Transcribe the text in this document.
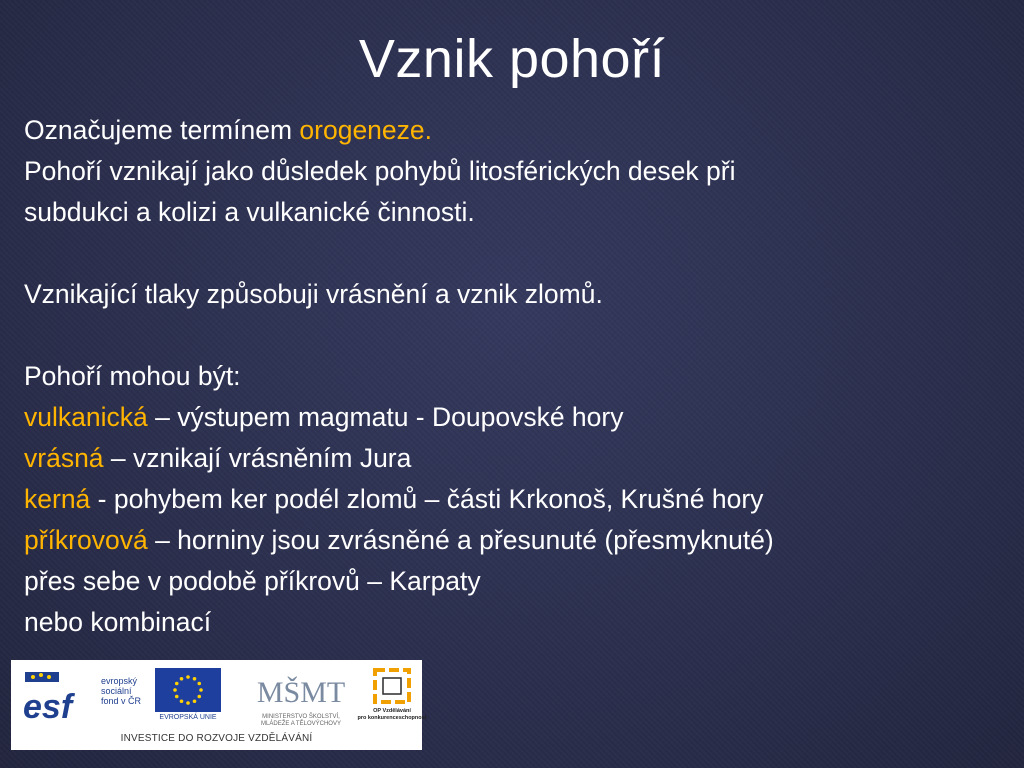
Vznik pohoří
Označujeme termínem orogeneze.
Pohoří vznikají jako důsledek pohybů litosférických desek při
subdukci a kolizi a vulkanické činnosti.
Vznikající tlaky způsobuji vrásnění a vznik zlomů.
Pohoří mohou být:
vulkanická – výstupem magmatu - Doupovské hory
vrásná – vznikají vrásněním Jura
kerná - pohybem ker podél zlomů – části Krkonoš, Krušné hory
příkrovová – horniny jsou zvrásněné a přesunuté (přesmyknuté)
přes sebe v podobě příkrovů – Karpaty
nebo kombinací
esf
evropský
sociální
fond v ČR
EVROPSKÁ UNIE
MŠMT
MINISTERSTVO ŠKOLSTVÍ,
MLÁDEŽE A TĚLOVÝCHOVY
OP Vzdělávání
pro konkurenceschopnost
INVESTICE DO ROZVOJE VZDĚLÁVÁNÍ
